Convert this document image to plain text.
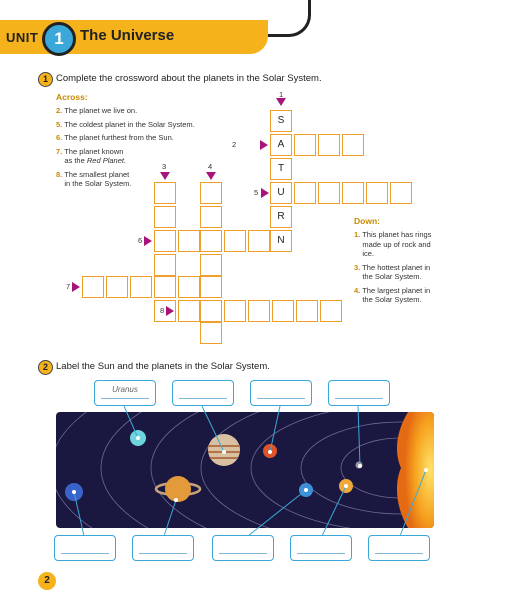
UNIT 1	The Universe
1 Complete the crossword about the planets in the Solar System.
Across:
2. The planet we live on.
5. The coldest planet in the Solar System.
6. The planet furthest from the Sun.
7. The planet known
as the Red Planet.
8. The smallest planet
in the Solar System.
1
S
A
T
U
R
N
2
5
3	4
6
7
8
Down:
1. This planet has rings
made up of rock and
ice.
3. The hottest planet in
the Solar System.
4. The largest planet in
the Solar System.
2 Label the Sun and the planets in the Solar System.
Uranus
2
